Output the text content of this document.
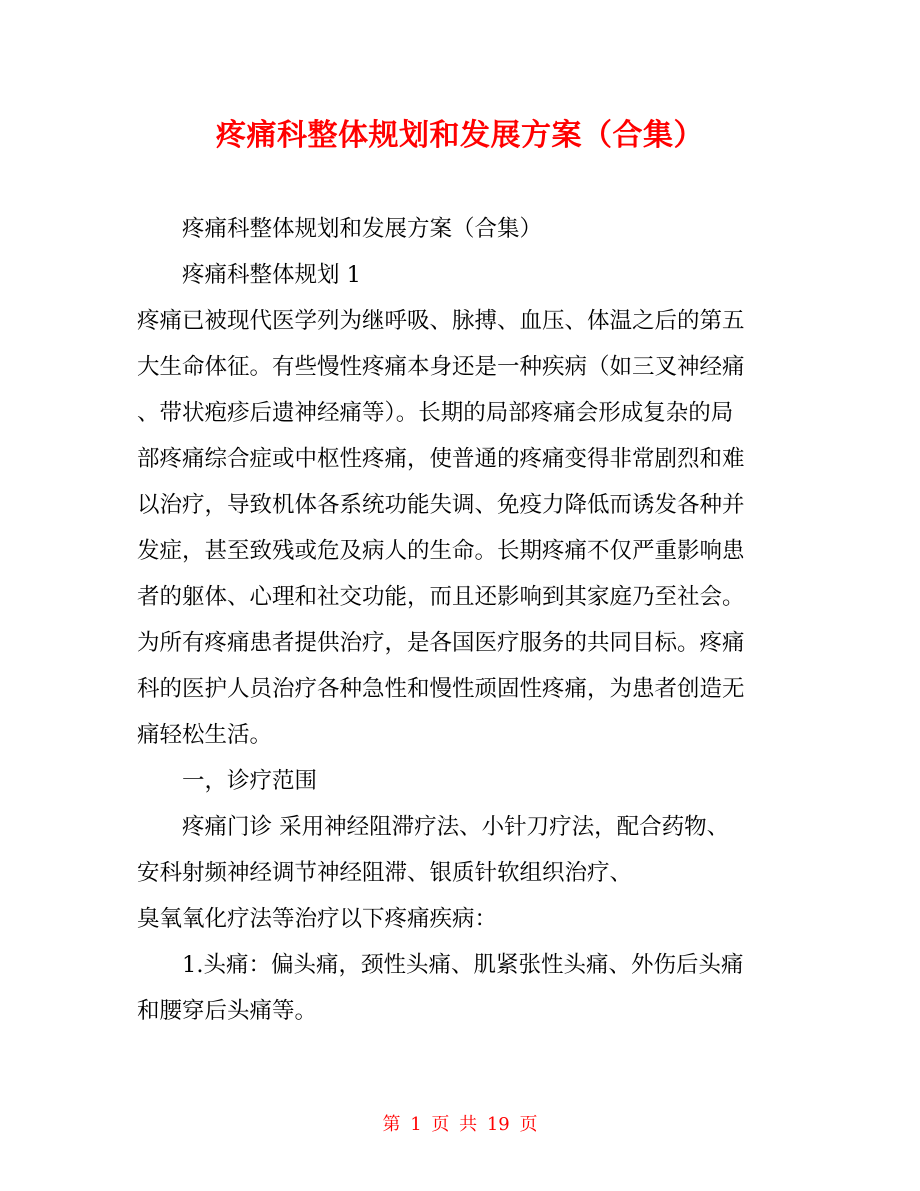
疼痛科整体规划和发展方案（合集）
疼痛科整体规划和发展方案（合集）
疼痛科整体规划 1
疼痛已被现代医学列为继呼吸、脉搏、血压、体温之后的第五
大生命体征。有些慢性疼痛本身还是一种疾病（如三叉神经痛
、带状疱疹后遗神经痛等）。长期的局部疼痛会形成复杂的局
部疼痛综合症或中枢性疼痛，使普通的疼痛变得非常剧烈和难
以治疗，导致机体各系统功能失调、免疫力降低而诱发各种并
发症，甚至致残或危及病人的生命。长期疼痛不仅严重影响患
者的躯体、心理和社交功能，而且还影响到其家庭乃至社会。
为所有疼痛患者提供治疗，是各国医疗服务的共同目标。疼痛
科的医护人员治疗各种急性和慢性顽固性疼痛，为患者创造无
痛轻松生活。
一，诊疗范围
疼痛门诊 采用神经阻滞疗法、小针刀疗法，配合药物、
安科射频神经调节神经阻滞、银质针软组织治疗、
臭氧氧化疗法等治疗以下疼痛疾病：
1.头痛：偏头痛，颈性头痛、肌紧张性头痛、外伤后头痛
和腰穿后头痛等。
第 1 页 共 19 页
